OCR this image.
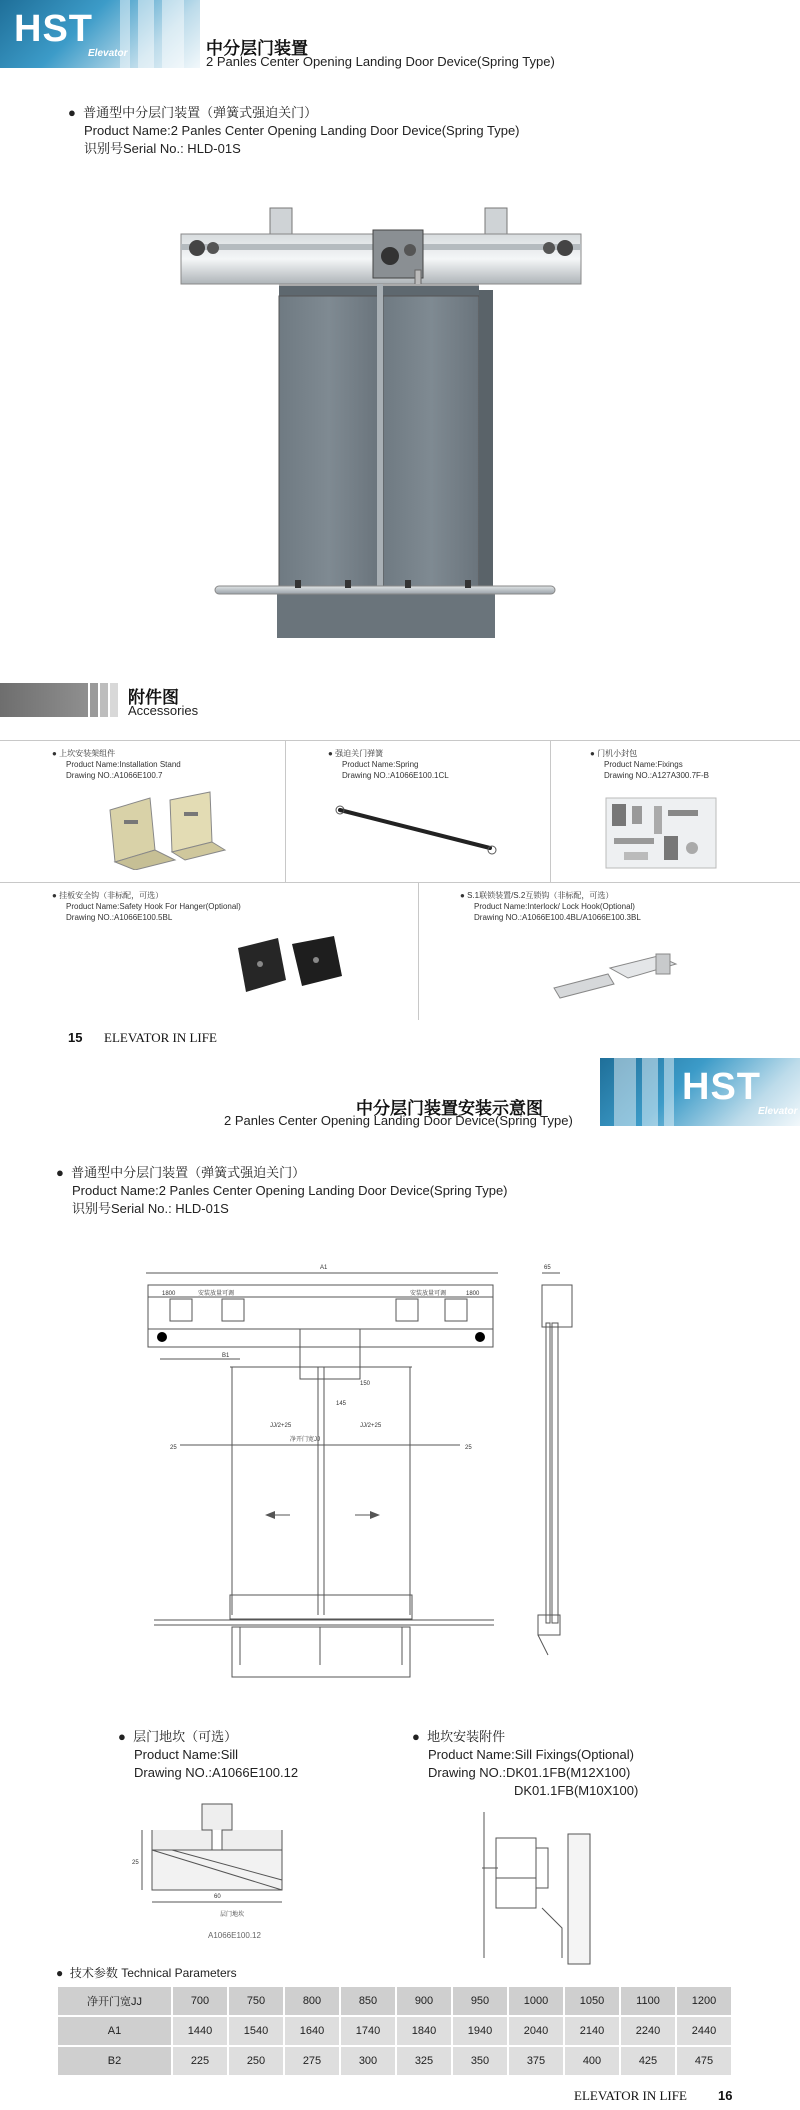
HST
Elevator	中分层门装置
2 Panles Center Opening Landing Door Device(Spring Type)
● 普通型中分层门装置（弹簧式强迫关门）
Product Name:2 Panles Center Opening Landing Door Device(Spring Type)
识别号Serial No.: HLD-01S
附件图
Accessories
● 上坎安装架组件
Product Name:Installation Stand
Drawing NO.:A1066E100.7
● 强迫关门弹簧
Product Name:Spring
Drawing NO.:A1066E100.1CL
● 门机小封包
Product Name:Fixings
Drawing NO.:A127A300.7F-B
● 挂板安全钩（非标配，可选）
Product Name:Safety Hook For Hanger(Optional)
Drawing NO.:A1066E100.5BL
● S.1联锁装置/S.2互锁钩（非标配，可选）
Product Name:Interlock/ Lock Hook(Optional)
Drawing NO.:A1066E100.4BL/A1066E100.3BL
15 ELEVATOR IN LIFE
HST
Elevator
中分层门装置安装示意图
2 Panles Center Opening Landing Door Device(Spring Type)
● 普通型中分层门装置（弹簧式强迫关门）
Product Name:2 Panles Center Opening Landing Door Device(Spring Type)
识别号Serial No.: HLD-01S
A1
1800	安装放量可调	安装放量可调	1800
B1
145
150
JJ/2+25	JJ/2+25
净开门宽JJ
25	25
65
● 层门地坎（可选）
Product Name:Sill
Drawing NO.:A1066E100.12
25
60
层门地坎
A1066E100.12
● 地坎安装附件
Product Name:Sill Fixings(Optional)
Drawing NO.:DK01.1FB(M12X100)
DK01.1FB(M10X100)
● 技术参数 Technical Parameters
净开门宽JJ	700	750	800	850	900	950	1000	1050	1100	1200
A1	1440	1540	1640	1740	1840	1940	2040	2140	2240	2440
B2	225	250	275	300	325	350	375	400	425	475
ELEVATOR IN LIFE 16
